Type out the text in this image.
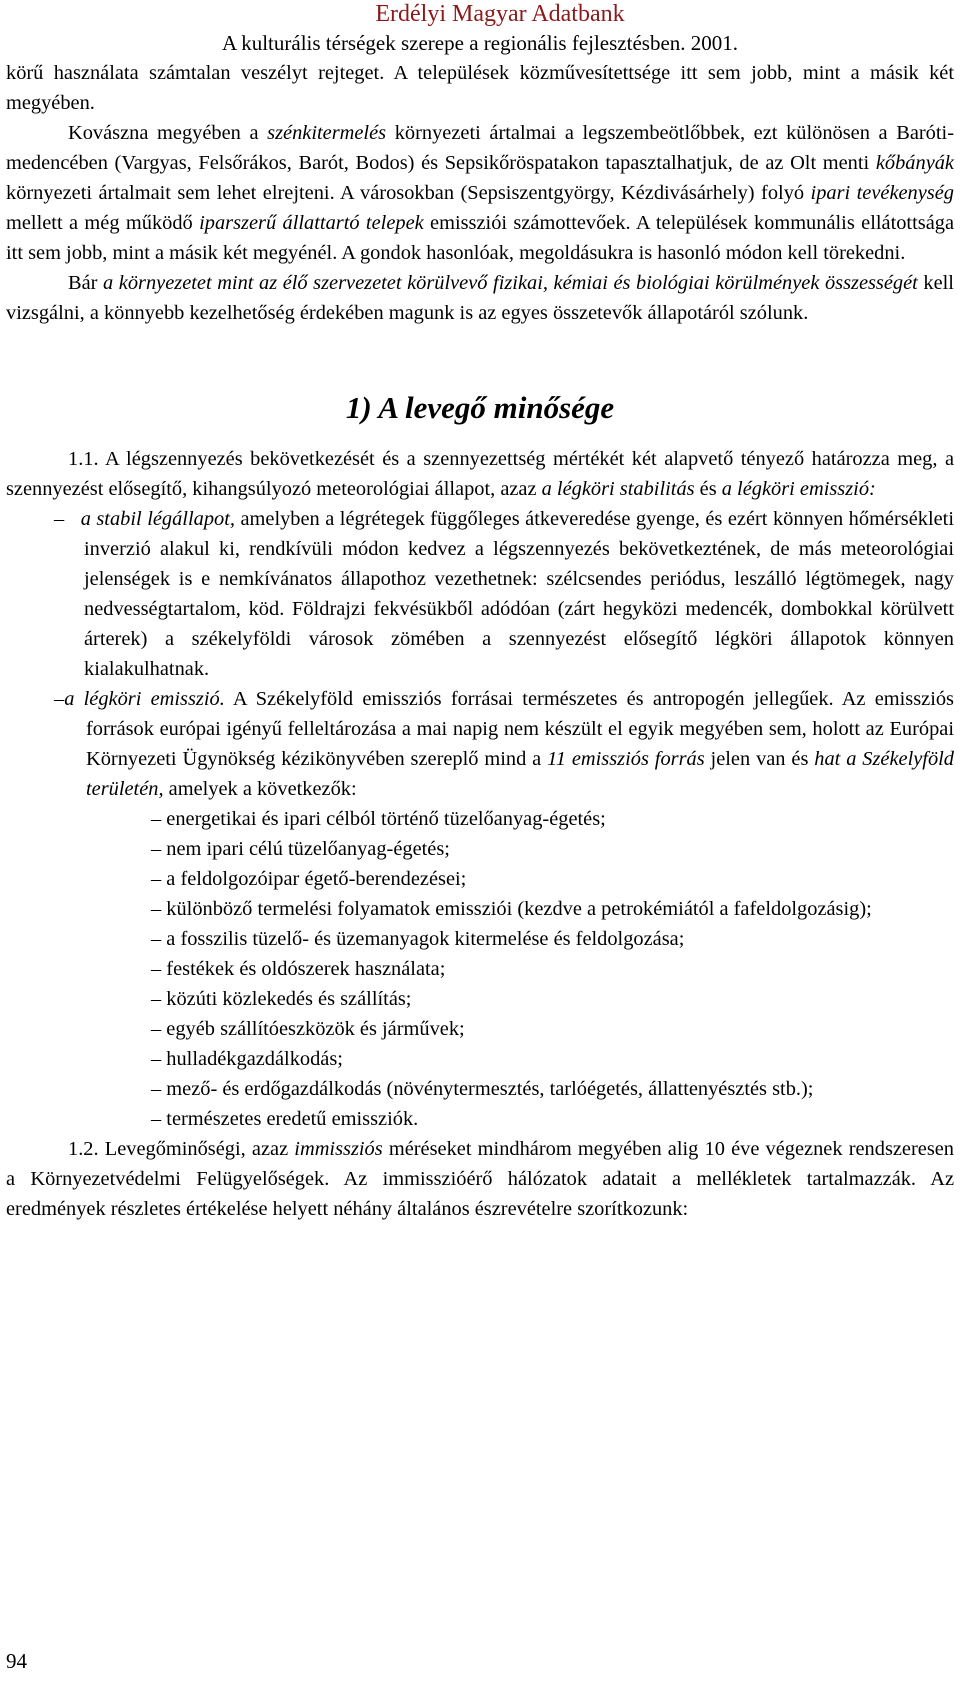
Erdélyi Magyar Adatbank
A kulturális térségek szerepe a regionális fejlesztésben. 2001.

körű használata számtalan veszélyt rejteget. A települések közművesítettsége itt sem jobb, mint a másik két megyében.

Kovászna megyében a szénkitermelés környezeti ártalmai a legszembeötlőbbek, ezt különösen a Baróti-medencében (Vargyas, Felsőrákos, Barót, Bodos) és Sepsikőröspatakon tapasztalhatjuk, de az Olt menti kőbányák környezeti ártalmait sem lehet elrejteni. A városokban (Sepsiszentgyörgy, Kézdivásárhely) folyó ipari tevékenység mellett a még működő iparszerű állattartó telepek emissziói számottevőek. A települések kommunális ellátottsága itt sem jobb, mint a másik két megyénél. A gondok hasonlóak, megoldásukra is hasonló módon kell törekedni.

Bár a környezetet mint az élő szervezetet körülvevő fizikai, kémiai és biológiai körülmények összességét kell vizsgálni, a könnyebb kezelhetőség érdekében magunk is az egyes összetevők állapotáról szólunk.

1) A levegő minősége

1.1. A légszennyezés bekövetkezését és a szennyezettség mértékét két alapvető tényező határozza meg, a szennyezést elősegítő, kihangsúlyozó meteorológiai állapot, azaz a légköri stabilitás és a légköri emisszió:

– a stabil légállapot, amelyben a légrétegek függőleges átkeveredése gyenge, és ezért könnyen hőmérsékleti inverzió alakul ki, rendkívüli módon kedvez a légszennyezés bekövetkeztének, de más meteorológiai jelenségek is e nemkívánatos állapothoz vezethetnek: szélcsendes periódus, leszálló légtömegek, nagy nedvességtartalom, köd. Földrajzi fekvésükből adódóan (zárt hegyközi medencék, dombokkal körülvett árterek) a székelyföldi városok zömében a szennyezést elősegítő légköri állapotok könnyen kialakulhatnak.

–a légköri emisszió. A Székelyföld emissziós forrásai természetes és antropogén jellegűek. Az emissziós források európai igényű felleltározása a mai napig nem készült el egyik megyében sem, holott az Európai Környezeti Ügynökség kézikönyvében szereplő mind a 11 emissziós forrás jelen van és hat a Székelyföld területén, amelyek a következők:

– energetikai és ipari célból történő tüzelőanyag-égetés;

– nem ipari célú tüzelőanyag-égetés;

– a feldolgozóipar égető-berendezései;

– különböző termelési folyamatok emissziói (kezdve a petrokémiától a fafeldolgozásig);

– a fosszilis tüzelő- és üzemanyagok kitermelése és feldolgozása;

– festékek és oldószerek használata;

– közúti közlekedés és szállítás;

– egyéb szállítóeszközök és járművek;

– hulladékgazdálkodás;

– mező- és erdőgazdálkodás (növénytermesztés, tarlóégetés, állattenyésztés stb.);

– természetes eredetű emissziók.

1.2. Levegőminőségi, azaz immissziós méréseket mindhárom megyében alig 10 éve végeznek rendszeresen a Környezetvédelmi Felügyelőségek. Az immisszióérő hálózatok adatait a mellékletek tartalmazzák. Az eredmények részletes értékelése helyett néhány általános észrevételre szorítkozunk:

94
